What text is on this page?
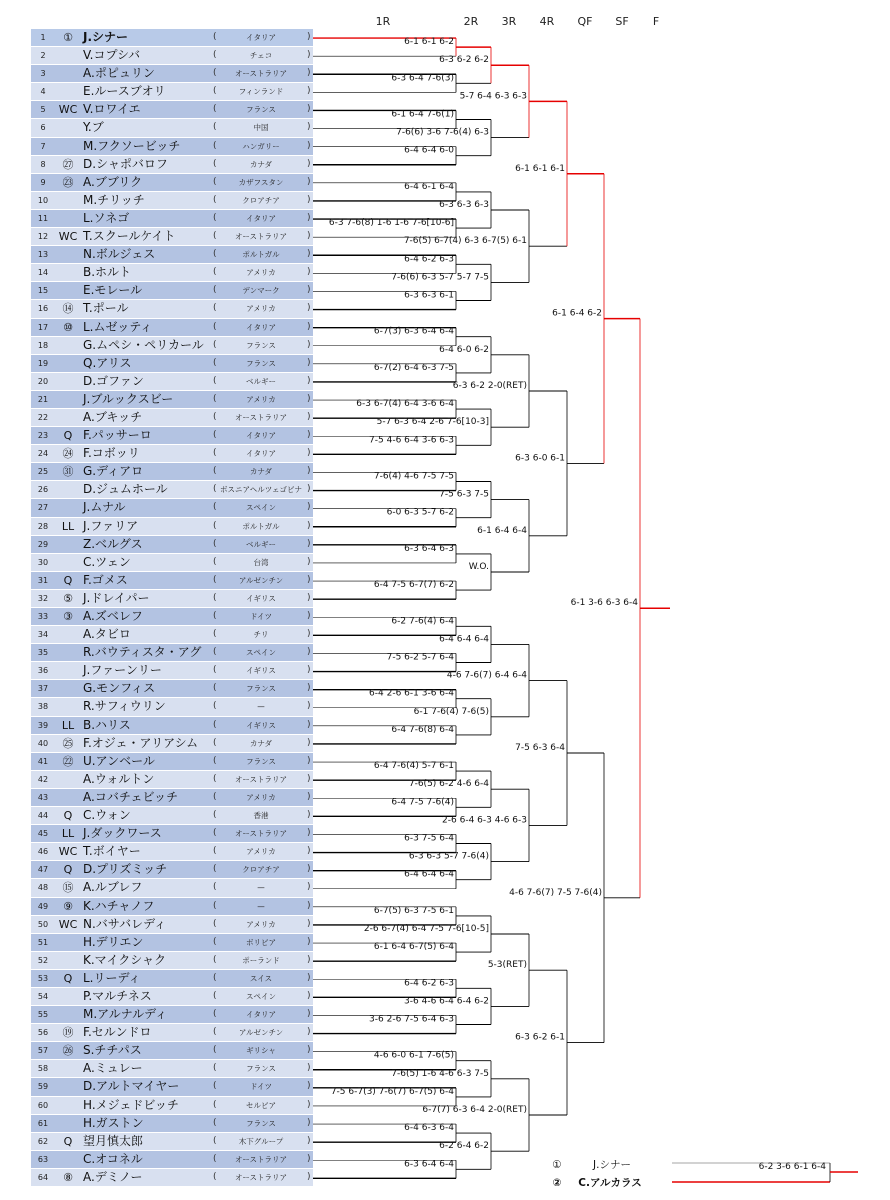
1	① J.シナー	(	イタリア	)
2	V.コプシバ	(	チェコ	)
3	A.ポピュリン	(	オーストラリア	)
4	E.ルースブオリ	(	フィンランド	)
5	WC V.ロワイエ	(	フランス	)
6	Y.ブ	(	中国	)
7	M.フクソービッチ	(	ハンガリー	)
8	㉗ D.シャポバロフ	(	カナダ	)
9	㉓ A.ブブリク	(	カザフスタン	)
10	M.チリッチ	(	クロアチア	)
11	L.ソネゴ	(	イタリア	)
12 WC T.スクールケイト	(	オーストラリア	)
13	N.ボルジェス	(	ポルトガル	)
14	B.ホルト	(	アメリカ	)
15	E.モレール	(	デンマーク	)
16	⑭ T.ポール	(	アメリカ	)
17	⑩ L.ムゼッティ	(	イタリア	)
18	G.ムペシ・ペリカール (	フランス	)
19	Q.アリス	(	フランス	)
20	D.ゴファン	(	ベルギー	)
21	J.ブルックスビー	(	アメリカ	)
22	A.ブキッチ	(	オーストラリア	)
23	Q F.パッサーロ	(	イタリア	)
24	㉔ F.コボッリ	(	イタリア	)
25	㉛ G.ディアロ	(	カナダ	)
26	D.ジュムホール	( ボスニアヘルツェゴビナ )
27	J.ムナル	(	スペイン	)
28	LL J.ファリア	(	ポルトガル	)
29	Z.ベルグス	(	ベルギー	)
30	C.ツェン	(	台湾	)
31	Q F.ゴメス	(	アルゼンチン	)
32	⑤ J.ドレイパー	(	イギリス	)
33	③ A.ズベレフ	(	ドイツ	)
34	A.タビロ	(	チリ	)
35	R.バウティスタ・アグ (	スペイン	)
36	J.ファーンリー	(	イギリス	)
37	G.モンフィス	(	フランス	)
38	R.サフィウリン	(	—	)
39	LL B.ハリス	(	イギリス	)
40	㉕ F.オジェ・アリアシム (	カナダ	)
41	㉒ U.アンベール	(	フランス	)
42	A.ウォルトン	(	オーストラリア	)
43	A.コバチェビッチ	(	アメリカ	)
44	Q C.ウォン	(	香港	)
45	LL J.ダックワース	(	オーストラリア	)
46 WC T.ボイヤー	(	アメリカ	)
47	Q D.プリズミッチ	(	クロアチア	)
48	⑮ A.ルブレフ	(	—	)
49	⑨ K.ハチャノフ	(	—	)
50 WC N.バサバレディ	(	アメリカ	)
51	H.デリエン	(	ボリビア	)
52	K.マイクシャク	(	ポーランド	)
53	Q L.リーディ	(	スイス	)
54	P.マルチネス	(	スペイン	)
55	M.アルナルディ	(	イタリア	)
56	⑲ F.セルンドロ	(	アルゼンチン	)
57	㉖ S.チチパス	(	ギリシャ	)
58	A.ミュレー	(	フランス	)
59	D.アルトマイヤー	(	ドイツ	)
60	H.メジェドビッチ	(	セルビア	)
61	H.ガストン	(	フランス	)
62	Q 望月慎太郎	(	木下グループ	)
63	C.オコネル	(	オーストラリア	)
64	⑧ A.デミノー	(	オーストラリア	)
1R	2R 3R 4R QF SF F
6-1 6-1 6-2
6-3 6-4 7-6(3)
6-1 6-4 7-6(1)
6-4 6-4 6-0
6-4 6-1 6-4
6-3 7-6(8) 1-6 1-6 7-6[10-6]
6-4 6-2 6-3
6-3 6-3 6-1
6-7(3) 6-3 6-4 6-4
6-7(2) 6-4 6-3 7-5
6-3 6-7(4) 6-4 3-6 6-4
7-5 4-6 6-4 3-6 6-3
7-6(4) 4-6 7-5 7-5
6-0 6-3 5-7 6-2
6-3 6-4 6-3
6-4 7-5 6-7(7) 6-2
6-2 7-6(4) 6-4
7-5 6-2 5-7 6-4
6-4 2-6 6-1 3-6 6-4
6-4 7-6(8) 6-4
6-4 7-6(4) 5-7 6-1
6-4 7-5 7-6(4)
6-3 7-5 6-4
6-4 6-4 6-4
6-7(5) 6-3 7-5 6-1
6-1 6-4 6-7(5) 6-4
6-4 6-2 6-3
3-6 2-6 7-5 6-4 6-3
4-6 6-0 6-1 7-6(5)
7-5 6-7(3) 7-6(7) 6-7(5) 6-4
6-4 6-3 6-4
6-3 6-4 6-4
6-3 6-2 6-2
7-6(6) 3-6 7-6(4) 6-3
6-3 6-3 6-3
7-6(6) 6-3 5-7 5-7 7-5
6-4 6-0 6-2
5-7 6-3 6-4 2-6 7-6[10-3]
7-5 6-3 7-5
W.O.
6-4 6-4 6-4
6-1 7-6(4) 7-6(5)
7-6(5) 6-2 4-6 6-4
6-3 6-3 5-7 7-6(4)
2-6 6-7(4) 6-4 7-5 7-6[10-5]
3-6 4-6 6-4 6-4 6-2
7-6(5) 1-6 4-6 6-3 7-5
6-2 6-4 6-2
5-7 6-4 6-3 6-3
7-6(5) 6-7(4) 6-3 6-7(5) 6-1
6-3 6-2 2-0(RET)
6-1 6-4 6-4
4-6 7-6(7) 6-4 6-4
2-6 6-4 6-3 4-6 6-3
5-3(RET)
6-7(7) 6-3 6-4 2-0(RET)
6-1 6-1 6-1
6-3 6-0 6-1
7-5 6-3 6-4
6-3 6-2 6-1
6-1 6-4 6-2
4-6 7-6(7) 7-5 7-6(4)
6-1 3-6 6-3 6-4
①	J.シナー
② C.アルカラス
6-2 3-6 6-1 6-4
